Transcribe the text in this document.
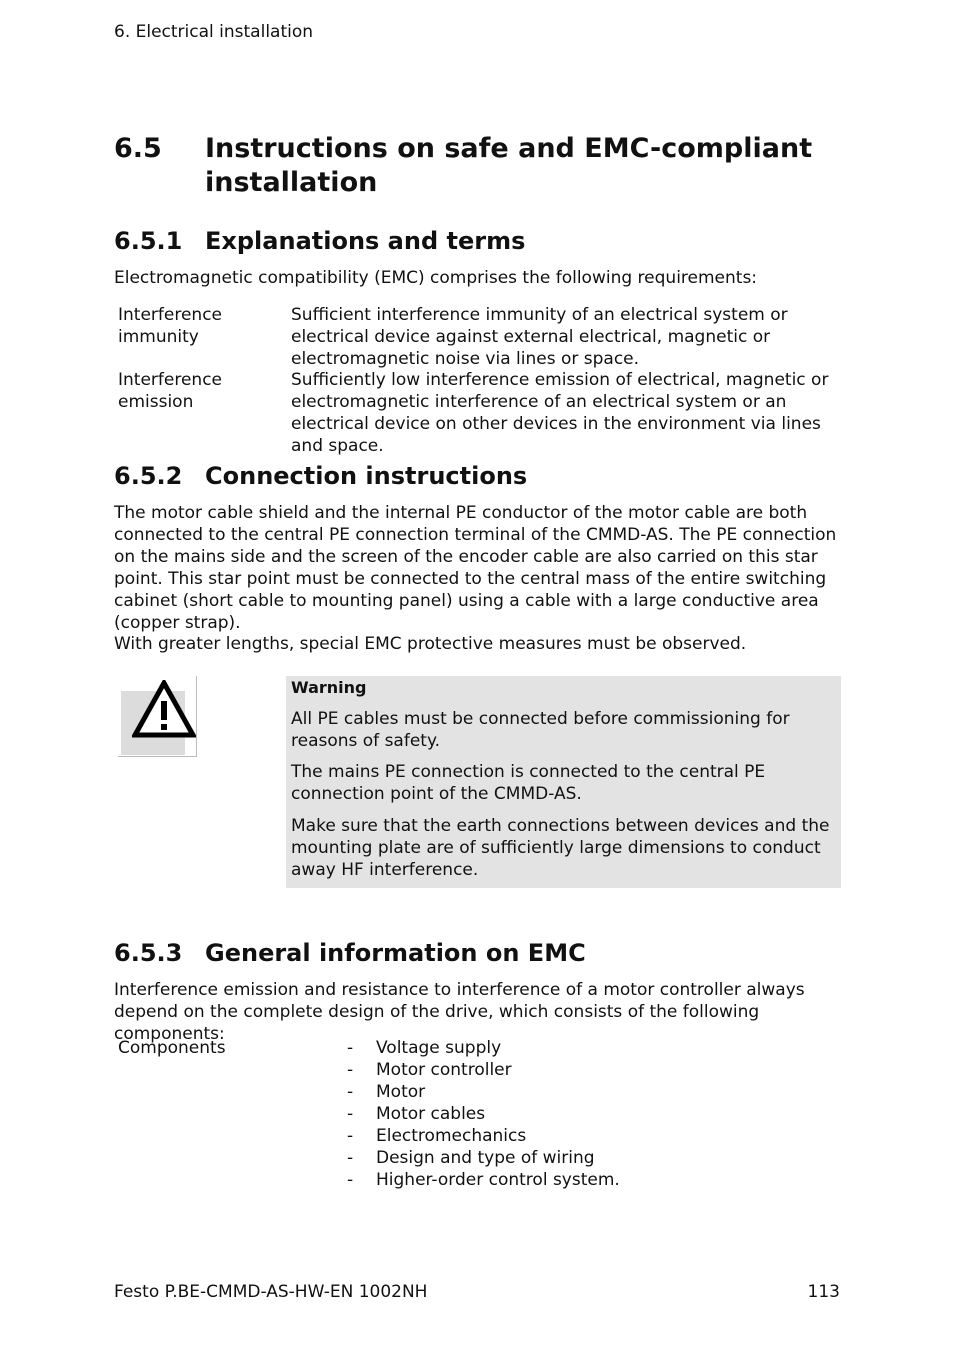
6. Electrical installation
6.5 Instructions on safe and EMC-compliant installation
6.5.1 Explanations and terms
Electromagnetic compatibility (EMC) comprises the following requirements:
Interference immunity
Sufficient interference immunity of an electrical system or electrical device against external electrical, magnetic or electromagnetic noise via lines or space.
Interference emission
Sufficiently low interference emission of electrical, magnetic or electromagnetic interference of an electrical system or an electrical device on other devices in the environment via lines and space.
6.5.2 Connection instructions
The motor cable shield and the internal PE conductor of the motor cable are both connected to the central PE connection terminal of the CMMD-AS. The PE connection on the mains side and the screen of the encoder cable are also carried on this star point. This star point must be connected to the central mass of the entire switching cabinet (short cable to mounting panel) using a cable with a large conductive area (copper strap).
With greater lengths, special EMC protective measures must be observed.
Warning
All PE cables must be connected before commissioning for reasons of safety.
The mains PE connection is connected to the central PE connection point of the CMMD-AS.
Make sure that the earth connections between devices and the mounting plate are of sufficiently large dimensions to conduct away HF interference.
6.5.3 General information on EMC
Interference emission and resistance to interference of a motor controller always depend on the complete design of the drive, which consists of the following components:
Components	- Voltage supply
- Motor controller
- Motor
- Motor cables
- Electromechanics
- Design and type of wiring
- Higher-order control system.
Festo P.BE-CMMD-AS-HW-EN 1002NH	113
